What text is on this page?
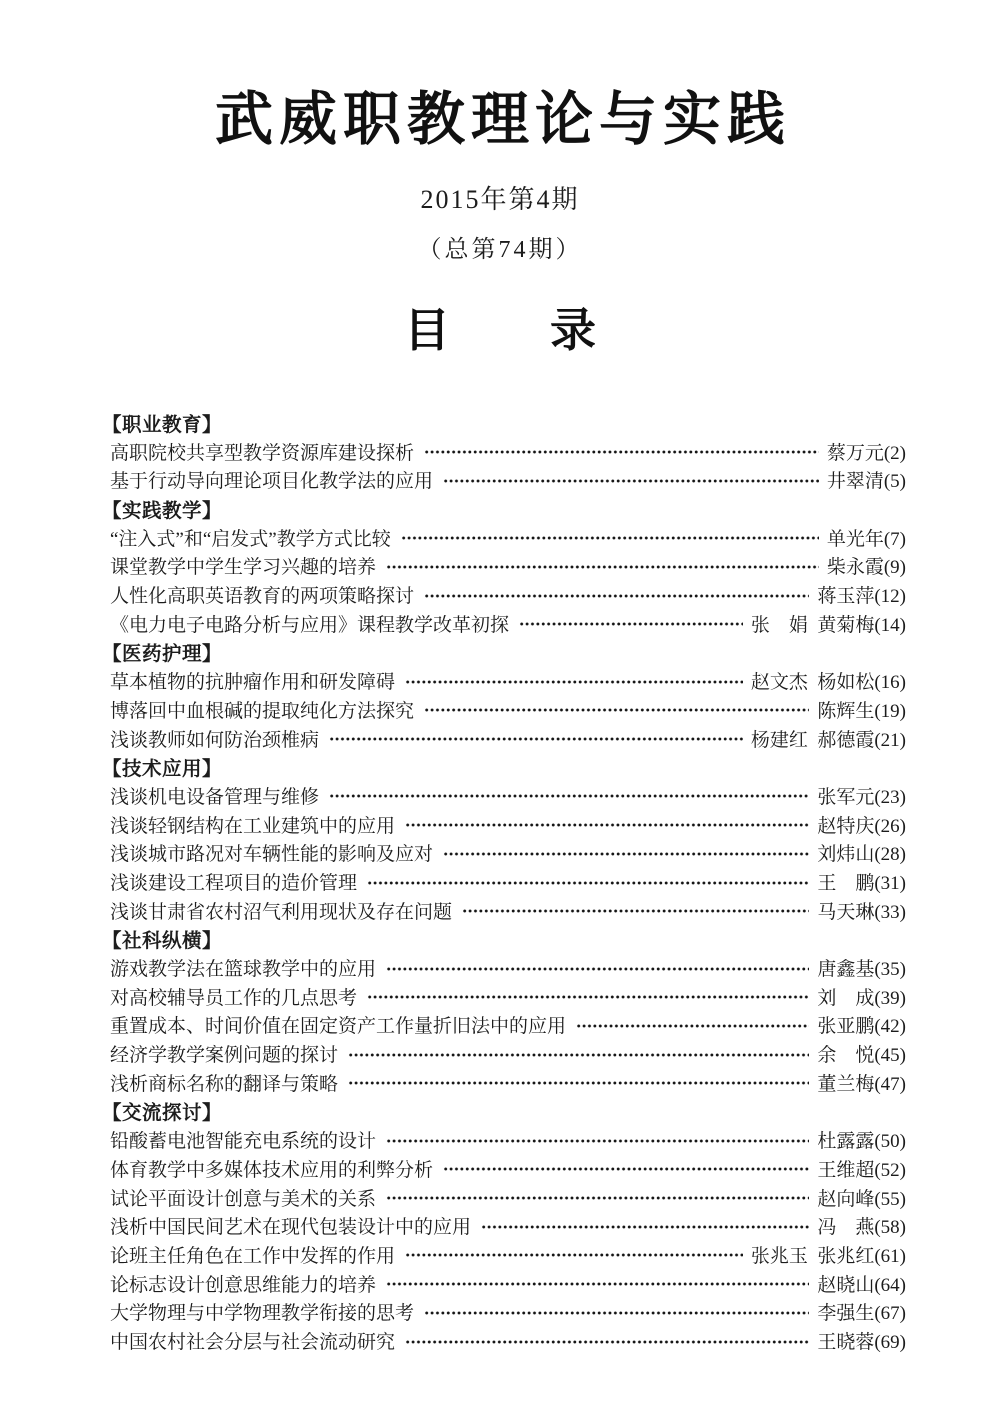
武威职教理论与实践
2015年第4期
（总第74期）
目 录
【职业教育】
高职院校共享型教学资源库建设探析	蔡万元(2)
基于行动导向理论项目化教学法的应用	井翠清(5)
【实践教学】
“注入式”和“启发式”教学方式比较	单光年(7)
课堂教学中学生学习兴趣的培养	柴永霞(9)
人性化高职英语教育的两项策略探讨	蒋玉萍(12)
《电力电子电路分析与应用》课程教学改革初探	张　娟  黄菊梅(14)
【医药护理】
草本植物的抗肿瘤作用和研发障碍	赵文杰  杨如松(16)
博落回中血根碱的提取纯化方法探究	陈辉生(19)
浅谈教师如何防治颈椎病	杨建红  郝德霞(21)
【技术应用】
浅谈机电设备管理与维修	张军元(23)
浅谈轻钢结构在工业建筑中的应用	赵特庆(26)
浅谈城市路况对车辆性能的影响及应对	刘炜山(28)
浅谈建设工程项目的造价管理	王　鹏(31)
浅谈甘肃省农村沼气利用现状及存在问题	马天琳(33)
【社科纵横】
游戏教学法在篮球教学中的应用	唐鑫基(35)
对高校辅导员工作的几点思考	刘　成(39)
重置成本、时间价值在固定资产工作量折旧法中的应用	张亚鹏(42)
经济学教学案例问题的探讨	余　悦(45)
浅析商标名称的翻译与策略	董兰梅(47)
【交流探讨】
铅酸蓄电池智能充电系统的设计	杜露露(50)
体育教学中多媒体技术应用的利弊分析	王维超(52)
试论平面设计创意与美术的关系	赵向峰(55)
浅析中国民间艺术在现代包装设计中的应用	冯　燕(58)
论班主任角色在工作中发挥的作用	张兆玉  张兆红(61)
论标志设计创意思维能力的培养	赵晓山(64)
大学物理与中学物理教学衔接的思考	李强生(67)
中国农村社会分层与社会流动研究	王晓蓉(69)
